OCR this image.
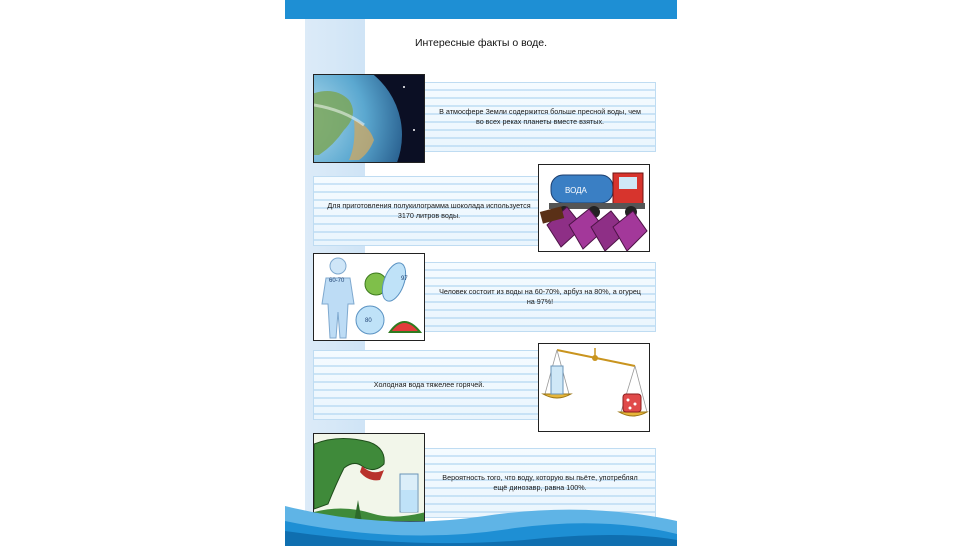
Интересные факты о воде.
В атмосфере Земли содержится больше пресной воды, чем во всех реках планеты вместе взятых.
Для приготовления полукилограмма шоколада используется 3170 литров воды.
ВОДА
Человек состоит из воды на 60-70%, арбуз на 80%, а огурец на 97%!
60-70	97
80
Холодная вода тяжелее горячей.
Вероятность того, что воду, которую вы пьёте, употреблял ещё динозавр, равна 100%.
